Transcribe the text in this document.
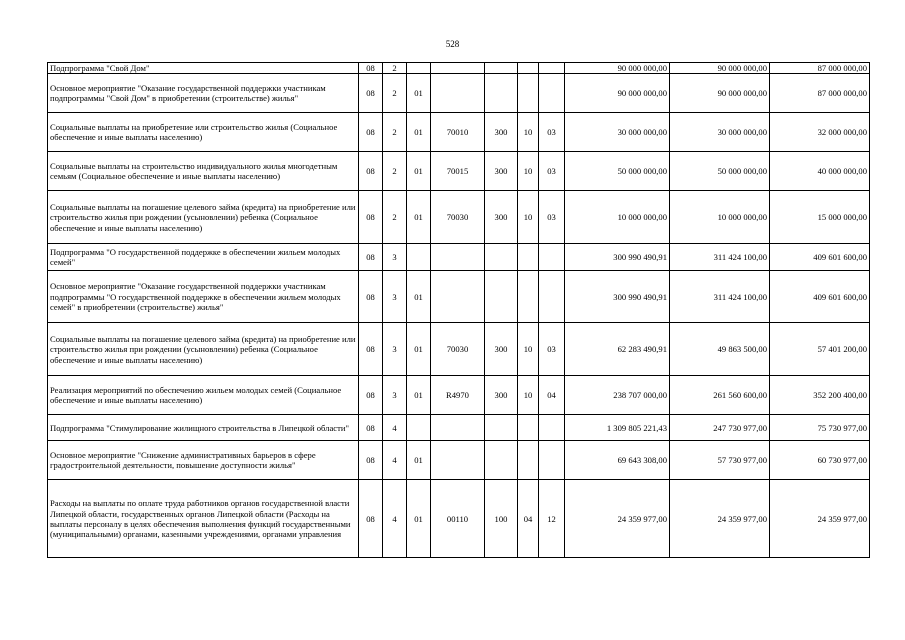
528
Подпрограмма "Свой Дом"	08	2						90 000 000,00	90 000 000,00	87 000 000,00
Основное мероприятие "Оказание государственной поддержки участникам подпрограммы "Свой Дом" в приобретении (строительстве) жилья"	08	2	01					90 000 000,00	90 000 000,00	87 000 000,00
Социальные выплаты на приобретение или строительство жилья (Социальное обеспечение и иные выплаты населению)	08	2	01	70010	300	10	03	30 000 000,00	30 000 000,00	32 000 000,00
Социальные выплаты на строительство индивидуального жилья многодетным семьям (Социальное обеспечение и иные выплаты населению)	08	2	01	70015	300	10	03	50 000 000,00	50 000 000,00	40 000 000,00
Социальные выплаты на погашение целевого займа (кредита) на приобретение или строительство жилья при рождении (усыновлении) ребенка (Социальное обеспечение и иные выплаты населению)	08	2	01	70030	300	10	03	10 000 000,00	10 000 000,00	15 000 000,00
Подпрограмма "О государственной поддержке в обеспечении жильем молодых семей"	08	3						300 990 490,91	311 424 100,00	409 601 600,00
Основное мероприятие "Оказание государственной поддержки участникам подпрограммы "О государственной поддержке в обеспечении жильем молодых семей" в приобретении (строительстве) жилья"	08	3	01					300 990 490,91	311 424 100,00	409 601 600,00
Социальные выплаты на погашение целевого займа (кредита) на приобретение или строительство жилья при рождении (усыновлении) ребенка (Социальное обеспечение и иные выплаты населению)	08	3	01	70030	300	10	03	62 283 490,91	49 863 500,00	57 401 200,00
Реализация мероприятий по обеспечению жильем молодых семей (Социальное обеспечение и иные выплаты населению)	08	3	01	R4970	300	10	04	238 707 000,00	261 560 600,00	352 200 400,00
Подпрограмма "Стимулирование жилищного строительства в Липецкой области"	08	4						1 309 805 221,43	247 730 977,00	75 730 977,00
Основное мероприятие "Снижение административных барьеров в сфере градостроительной деятельности, повышение доступности жилья"	08	4	01					69 643 308,00	57 730 977,00	60 730 977,00
Расходы на выплаты по оплате труда работников органов государственной власти Липецкой области, государственных органов Липецкой области (Расходы на выплаты персоналу в целях обеспечения выполнения функций государственными (муниципальными) органами, казенными учреждениями, органами управления	08	4	01	00110	100	04	12	24 359 977,00	24 359 977,00	24 359 977,00
